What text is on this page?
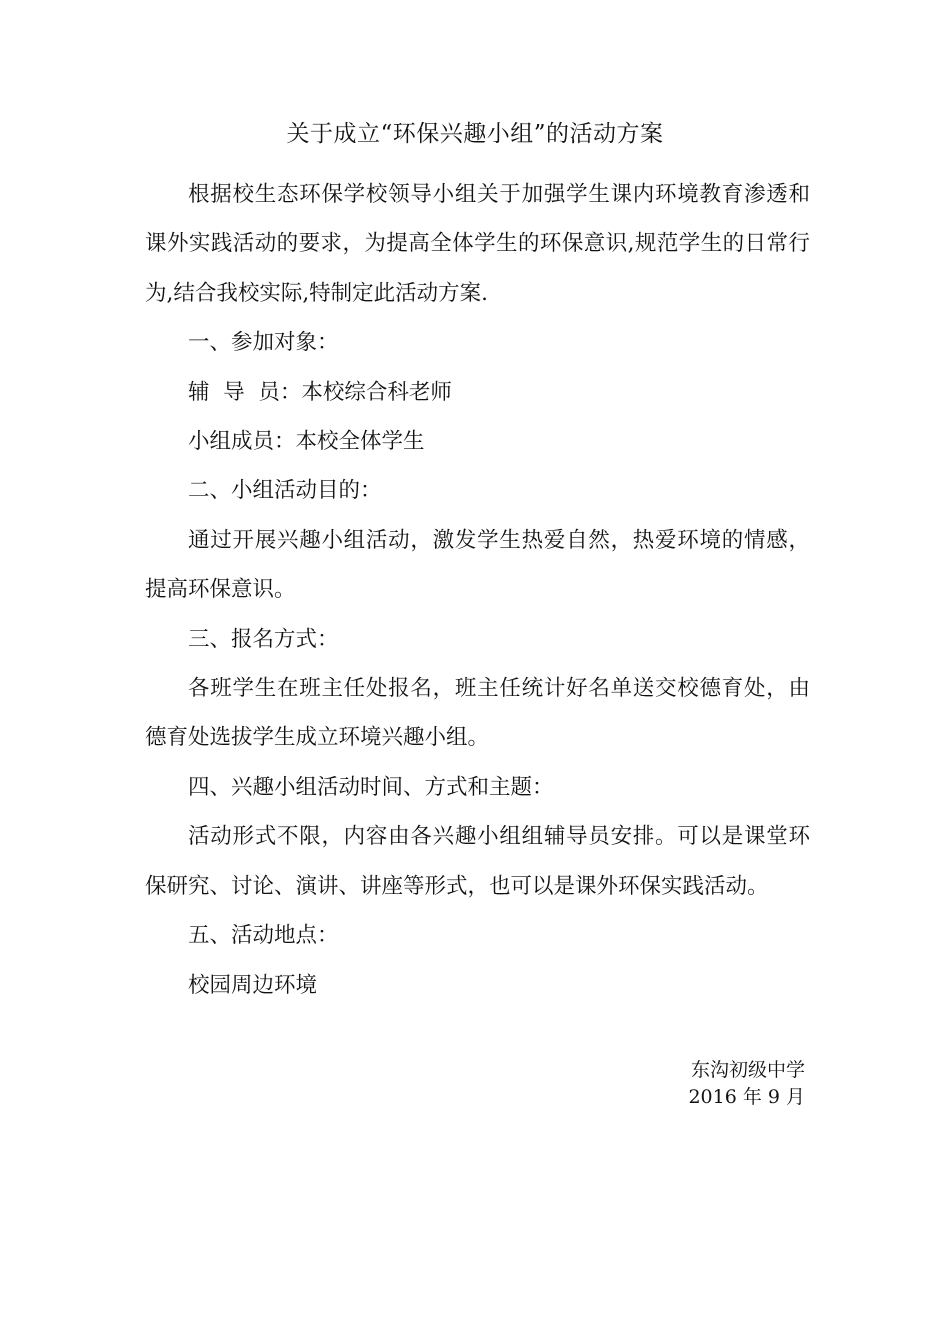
关于成立“环保兴趣小组”的活动方案

根据校生态环保学校领导小组关于加强学生课内环境教育渗透和课外实践活动的要求，为提高全体学生的环保意识,规范学生的日常行为,结合我校实际,特制定此活动方案.

一、参加对象：

辅  导  员：本校综合科老师

小组成员：本校全体学生

二、小组活动目的：

通过开展兴趣小组活动，激发学生热爱自然，热爱环境的情感，提高环保意识。

三、报名方式：

各班学生在班主任处报名，班主任统计好名单送交校德育处，由德育处选拔学生成立环境兴趣小组。

四、兴趣小组活动时间、方式和主题：

活动形式不限，内容由各兴趣小组组辅导员安排。可以是课堂环保研究、讨论、演讲、讲座等形式，也可以是课外环保实践活动。

五、活动地点：

校园周边环境

东沟初级中学
2016 年 9 月
